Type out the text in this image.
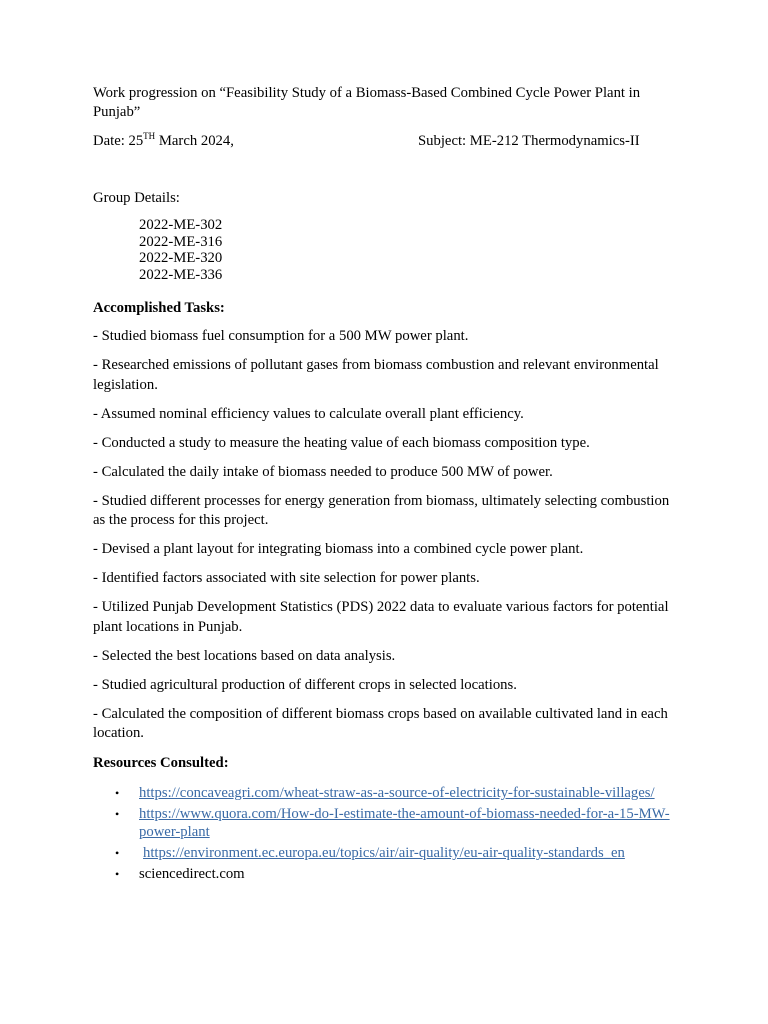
Work progression on “Feasibility Study of a Biomass-Based Combined Cycle Power Plant in Punjab”

Date: 25TH March 2024,	Subject: ME-212 Thermodynamics-II
Group Details:
2022-ME-302
2022-ME-316
2022-ME-320
2022-ME-336
Accomplished Tasks:
- Studied biomass fuel consumption for a 500 MW power plant.
- Researched emissions of pollutant gases from biomass combustion and relevant environmental legislation.
- Assumed nominal efficiency values to calculate overall plant efficiency.
- Conducted a study to measure the heating value of each biomass composition type.
- Calculated the daily intake of biomass needed to produce 500 MW of power.
- Studied different processes for energy generation from biomass, ultimately selecting combustion as the process for this project.
- Devised a plant layout for integrating biomass into a combined cycle power plant.
- Identified factors associated with site selection for power plants.
- Utilized Punjab Development Statistics (PDS) 2022 data to evaluate various factors for potential plant locations in Punjab.
- Selected the best locations based on data analysis.
- Studied agricultural production of different crops in selected locations.
- Calculated the composition of different biomass crops based on available cultivated land in each location.
Resources Consulted:
• https://concaveagri.com/wheat-straw-as-a-source-of-electricity-for-sustainable-villages/
• https://www.quora.com/How-do-I-estimate-the-amount-of-biomass-needed-for-a-15-MW-power-plant
• https://environment.ec.europa.eu/topics/air/air-quality/eu-air-quality-standards_en
• sciencedirect.com
